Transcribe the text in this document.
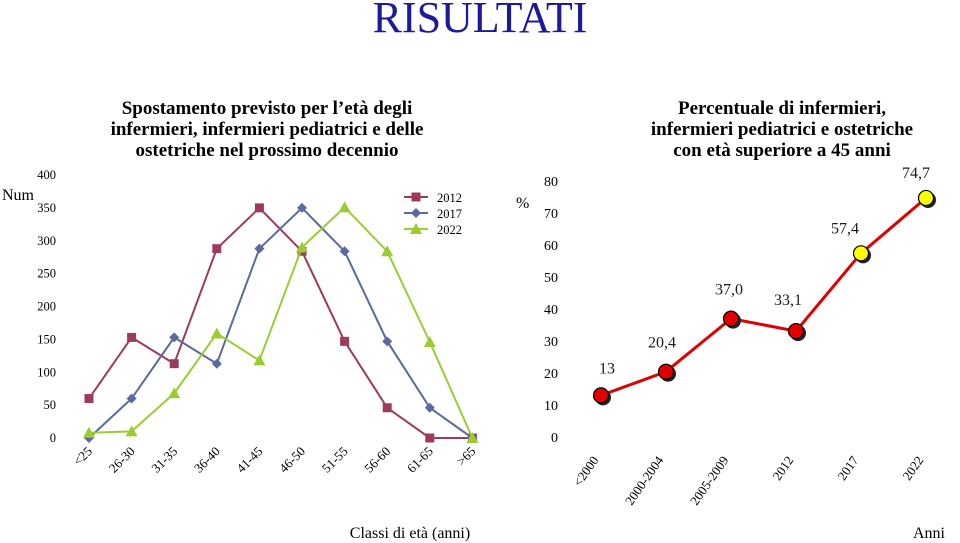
RISULTATI
Spostamento previsto per l’età degli infermieri, infermieri pediatrici e delle ostetriche nel prossimo decennio
Num
Classi di età (anni)
0
50
100
150
200
250
300
350
400
<25 26-30 31-35 36-40 41-45 46-50 51-55 56-60 61-65 >65
2012
2017
2022
Percentuale di infermieri, infermieri pediatrici e ostetriche con età superiore a 45 anni
%
Anni
0
10
20
30
40
50
60
70
80
<2000 2000-2004 2005-2009	2012	2017	2022
13
20,4
37,0
33,1
57,4
74,7
